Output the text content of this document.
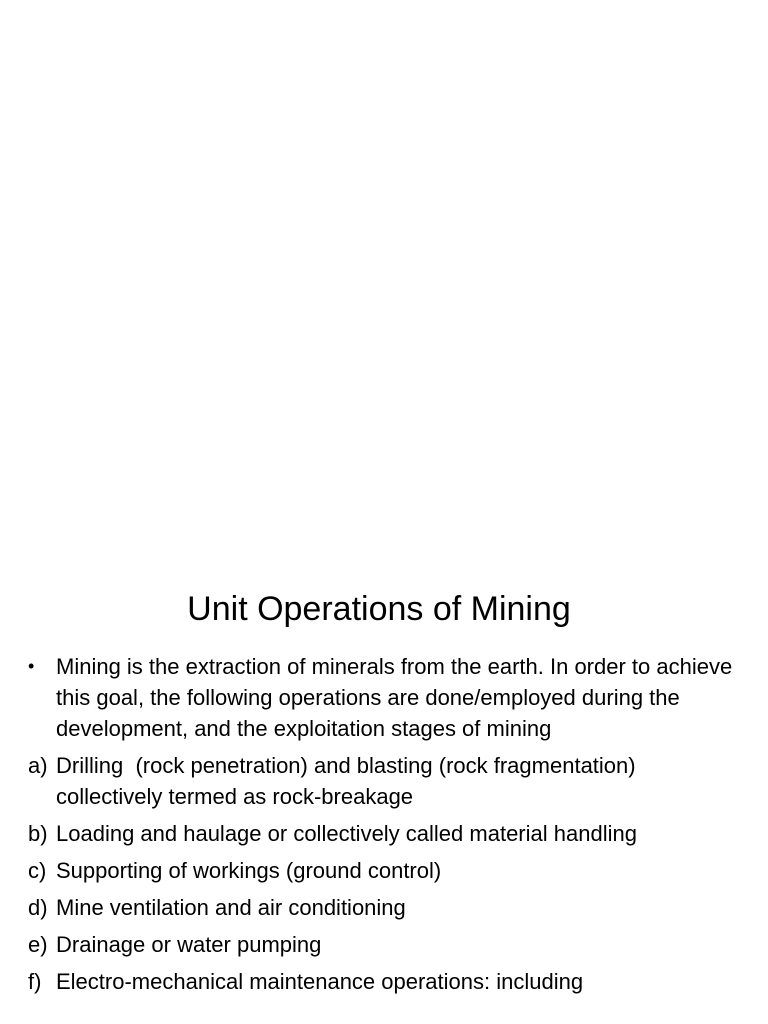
Unit Operations of Mining
• Mining is the extraction of minerals from the earth. In order to achieve this goal, the following operations are done/employed during the development, and the exploitation stages of mining
a) Drilling  (rock penetration) and blasting (rock fragmentation) collectively termed as rock-breakage
b) Loading and haulage or collectively called material handling
c) Supporting of workings (ground control)
d) Mine ventilation and air conditioning
e) Drainage or water pumping
f) Electro-mechanical maintenance operations: including
